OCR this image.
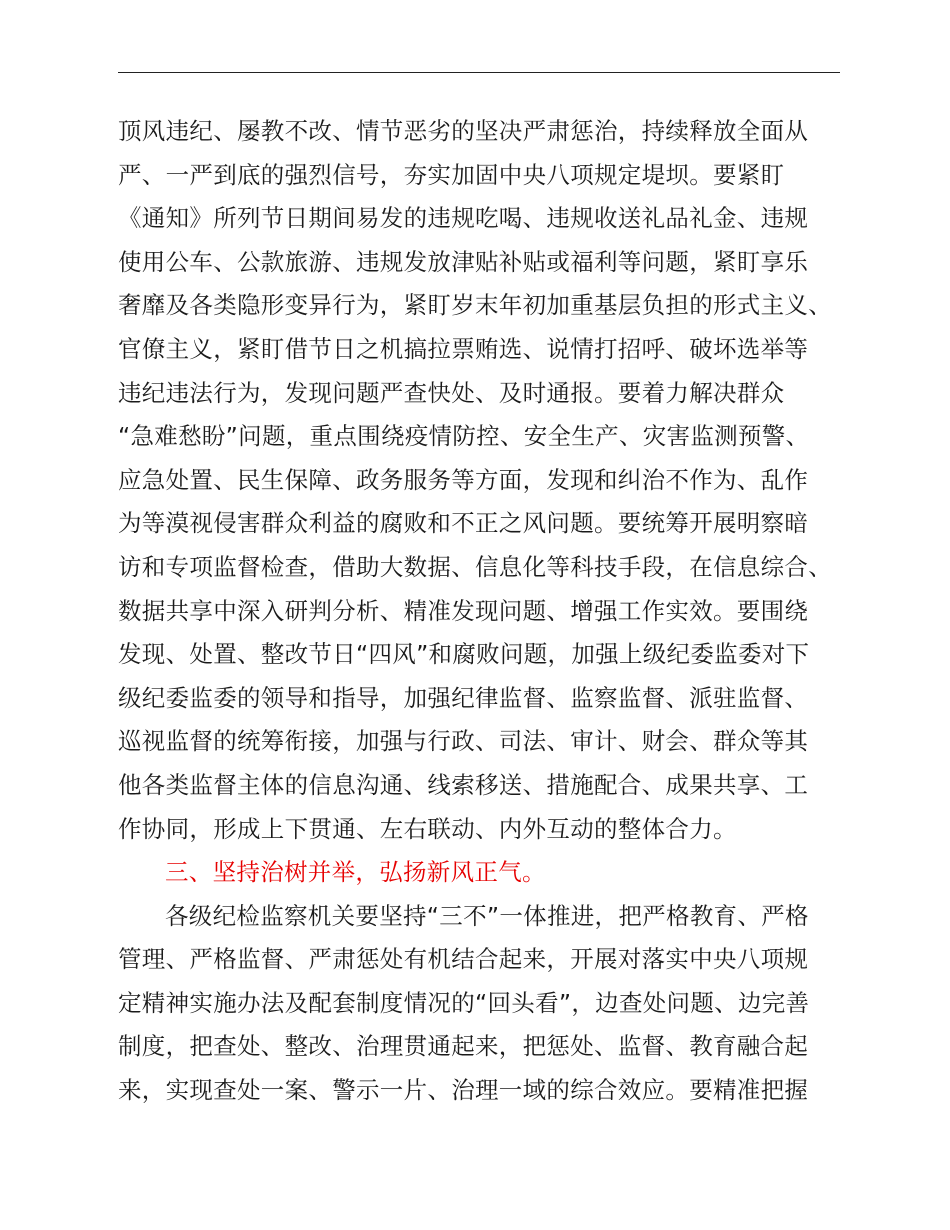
顶风违纪、屡教不改、情节恶劣的坚决严肃惩治，持续释放全面从
严、一严到底的强烈信号，夯实加固中央八项规定堤坝。要紧盯
《通知》所列节日期间易发的违规吃喝、违规收送礼品礼金、违规
使用公车、公款旅游、违规发放津贴补贴或福利等问题，紧盯享乐
奢靡及各类隐形变异行为，紧盯岁末年初加重基层负担的形式主义、
官僚主义，紧盯借节日之机搞拉票贿选、说情打招呼、破坏选举等
违纪违法行为，发现问题严查快处、及时通报。要着力解决群众
“急难愁盼”问题，重点围绕疫情防控、安全生产、灾害监测预警、
应急处置、民生保障、政务服务等方面，发现和纠治不作为、乱作
为等漠视侵害群众利益的腐败和不正之风问题。要统筹开展明察暗
访和专项监督检查，借助大数据、信息化等科技手段，在信息综合、
数据共享中深入研判分析、精准发现问题、增强工作实效。要围绕
发现、处置、整改节日“四风”和腐败问题，加强上级纪委监委对下
级纪委监委的领导和指导，加强纪律监督、监察监督、派驻监督、
巡视监督的统筹衔接，加强与行政、司法、审计、财会、群众等其
他各类监督主体的信息沟通、线索移送、措施配合、成果共享、工
作协同，形成上下贯通、左右联动、内外互动的整体合力。
三、坚持治树并举，弘扬新风正气。
各级纪检监察机关要坚持“三不”一体推进，把严格教育、严格
管理、严格监督、严肃惩处有机结合起来，开展对落实中央八项规
定精神实施办法及配套制度情况的“回头看”，边查处问题、边完善
制度，把查处、整改、治理贯通起来，把惩处、监督、教育融合起
来，实现查处一案、警示一片、治理一域的综合效应。要精准把握
